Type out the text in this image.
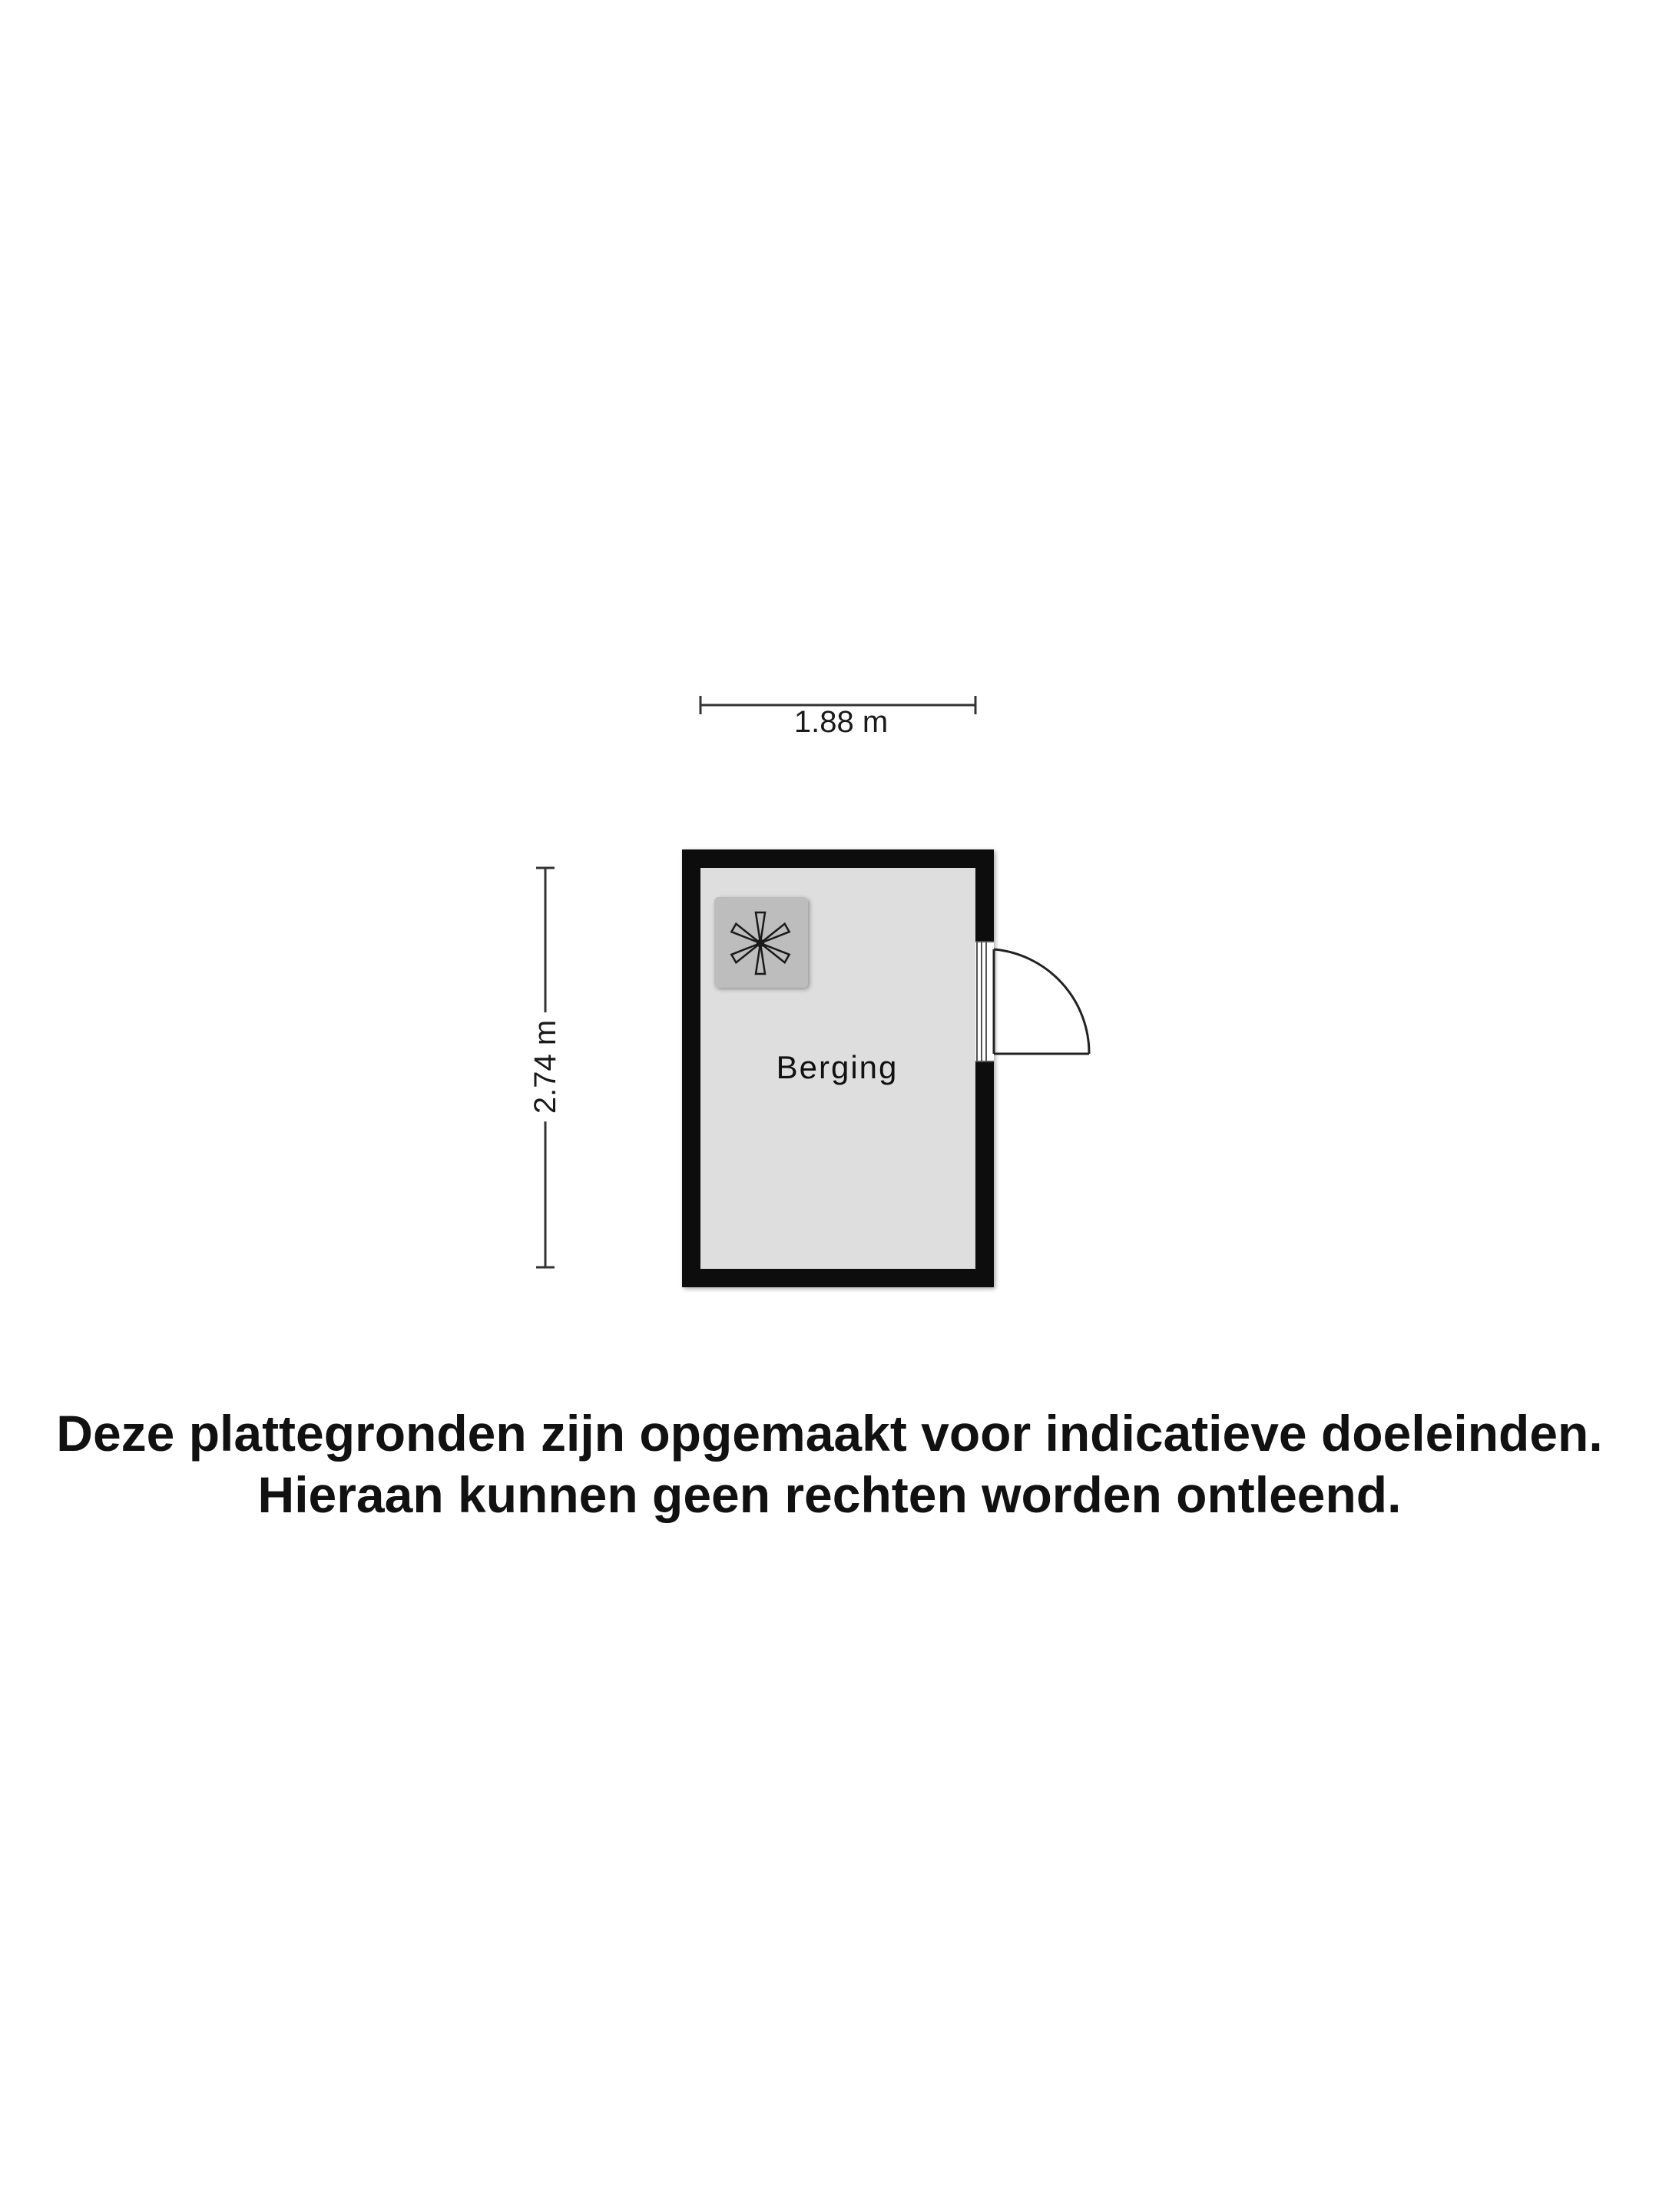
1.88 m
2.74 m	Berging
Deze plattegronden zijn opgemaakt voor indicatieve doeleinden.
Hieraan kunnen geen rechten worden ontleend.
